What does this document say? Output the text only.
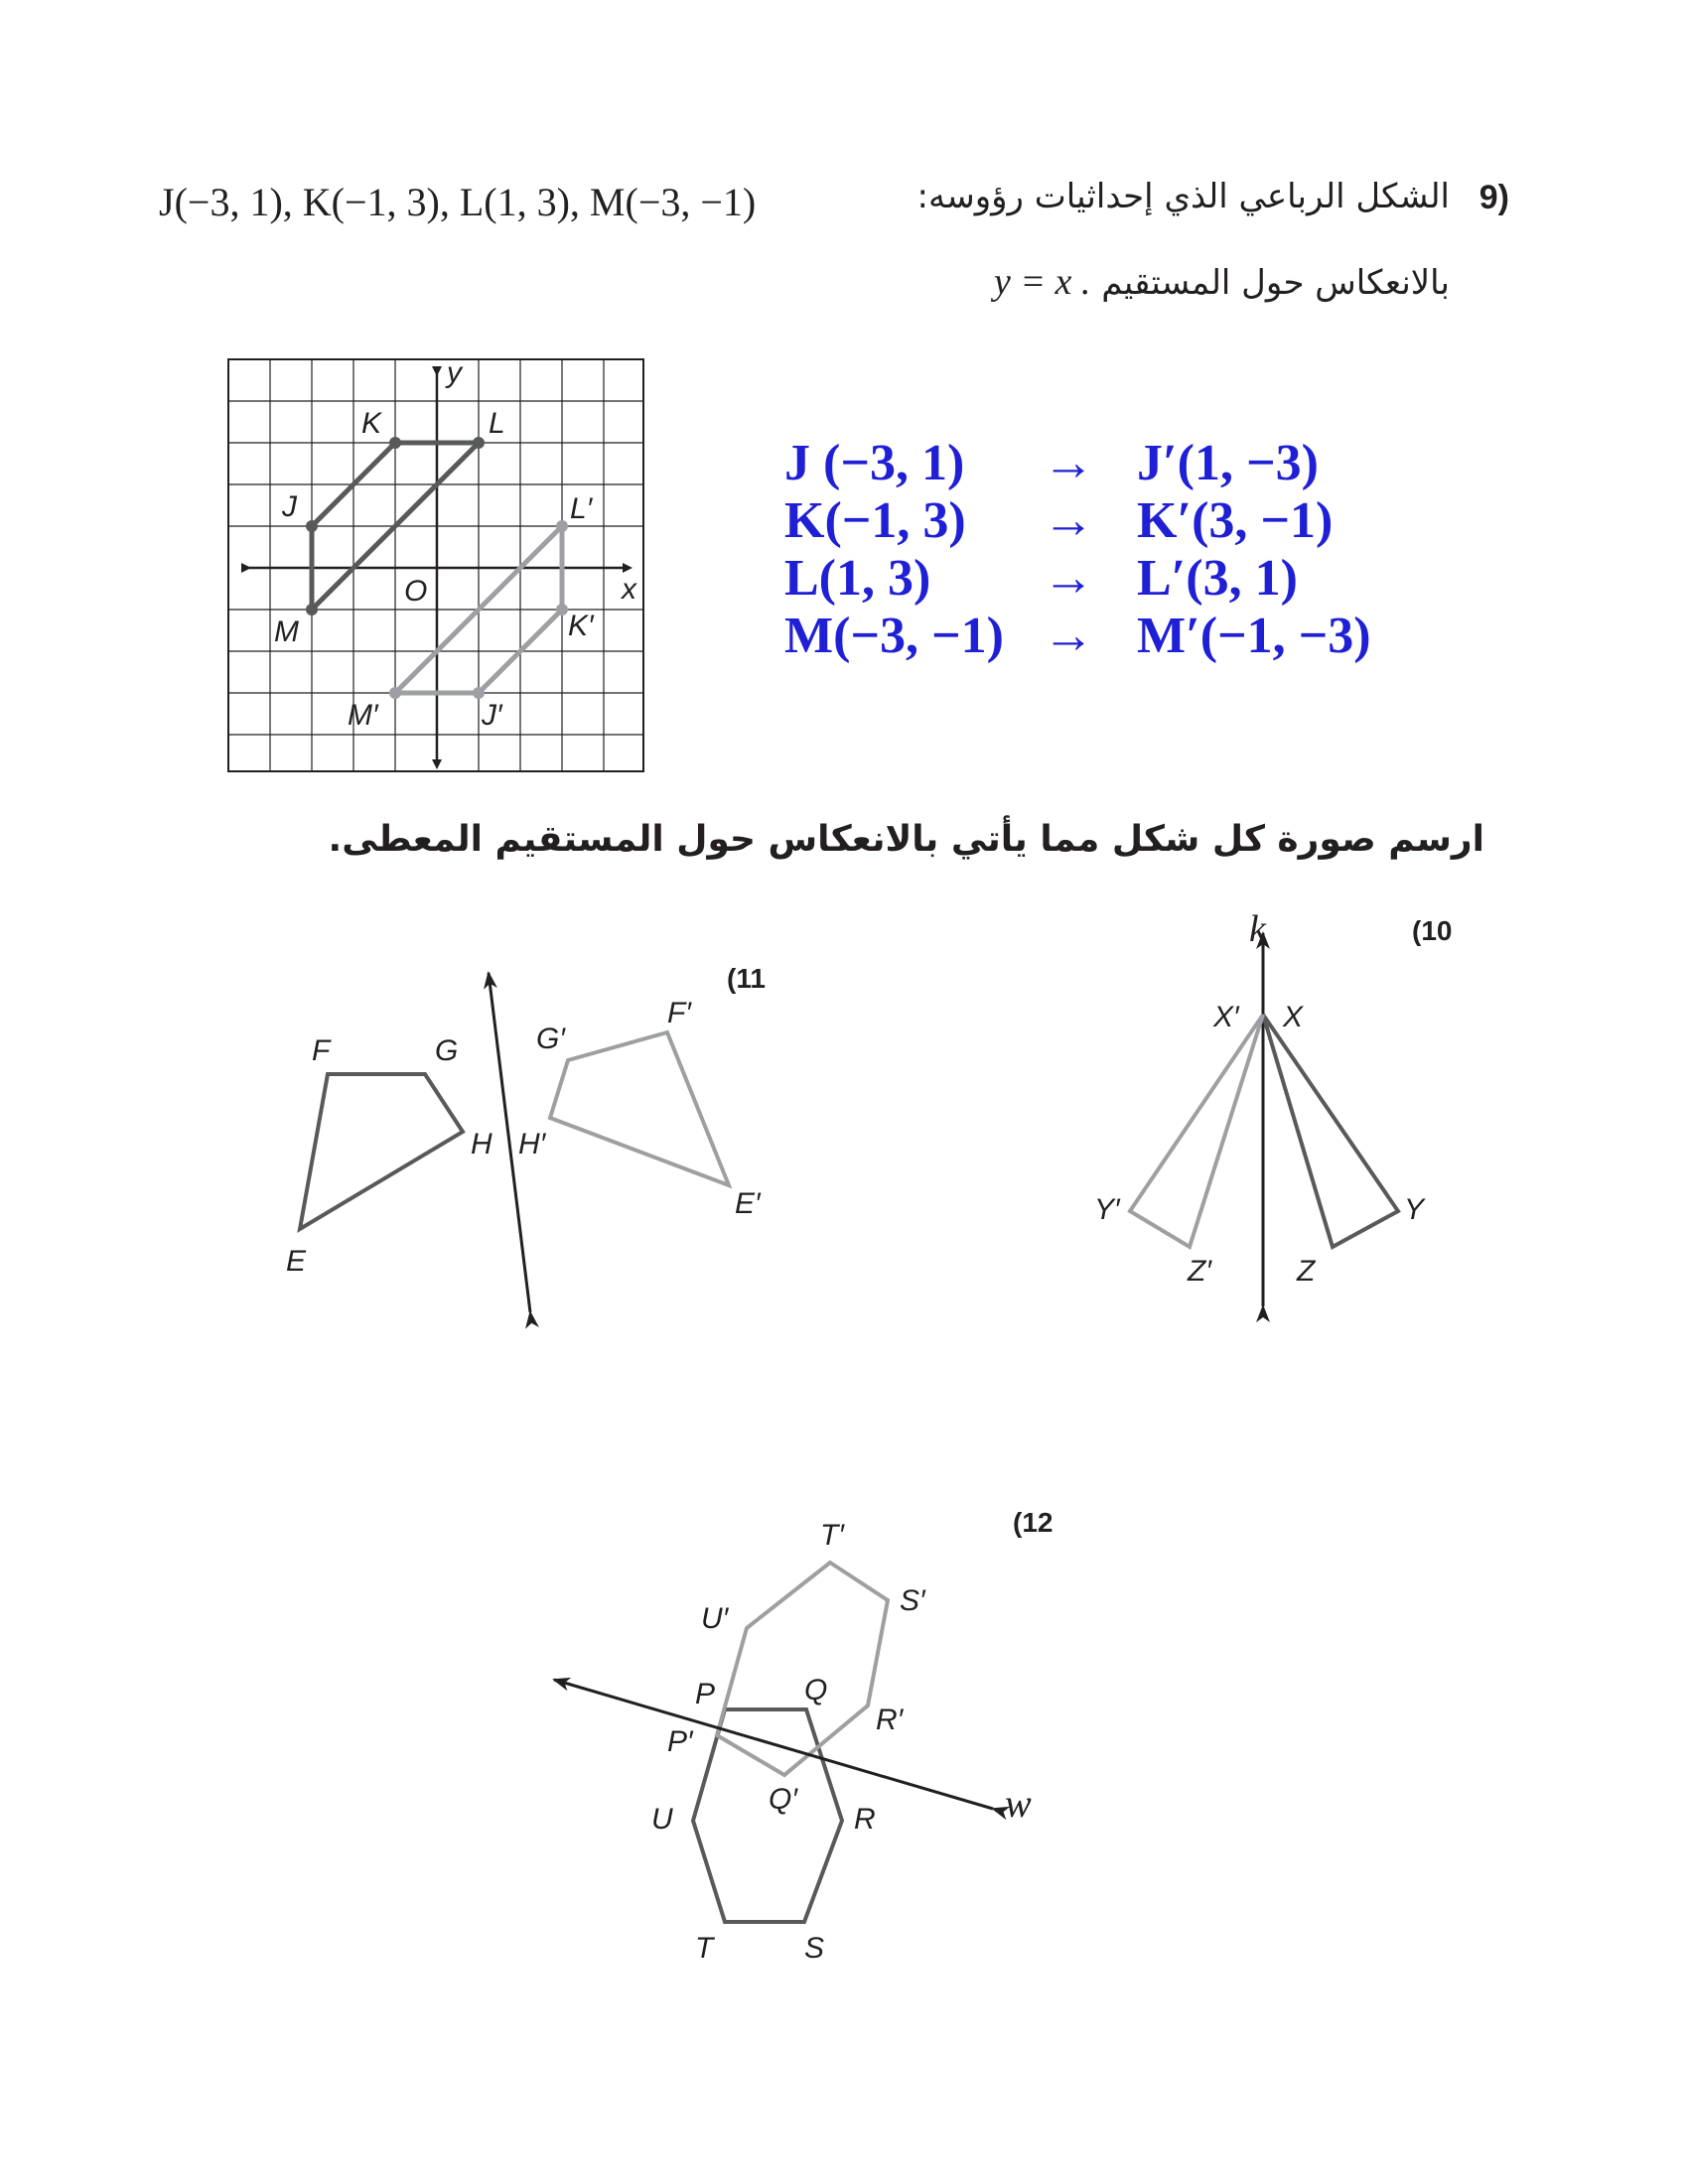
9)
الشكل الرباعي الذي إحداثيات رؤوسه:
J(−3, 1), K(−1, 3), L(1, 3), M(−3, −1)
بالانعكاس حول المستقيم y = x .
J (−3, 1) → J′(1, −3)
K(−1, 3) → K′(3, −1)
L(1, 3) → L′(3, 1)
M(−3, −1) → M′(−1, −3)
ارسم صورة كل شكل مما يأتي بالانعكاس حول المستقيم المعطى.
(10
(11
(12
y
x
O
J
K	L
M
J′
K′
L′
M′
k
X
X′
Y
Y′
Z
Z′
E
F	G
H
E′
F′
G′
H′
w
P	Q
R
S
T
U
P′
Q′
R′
S′
T′
U′
